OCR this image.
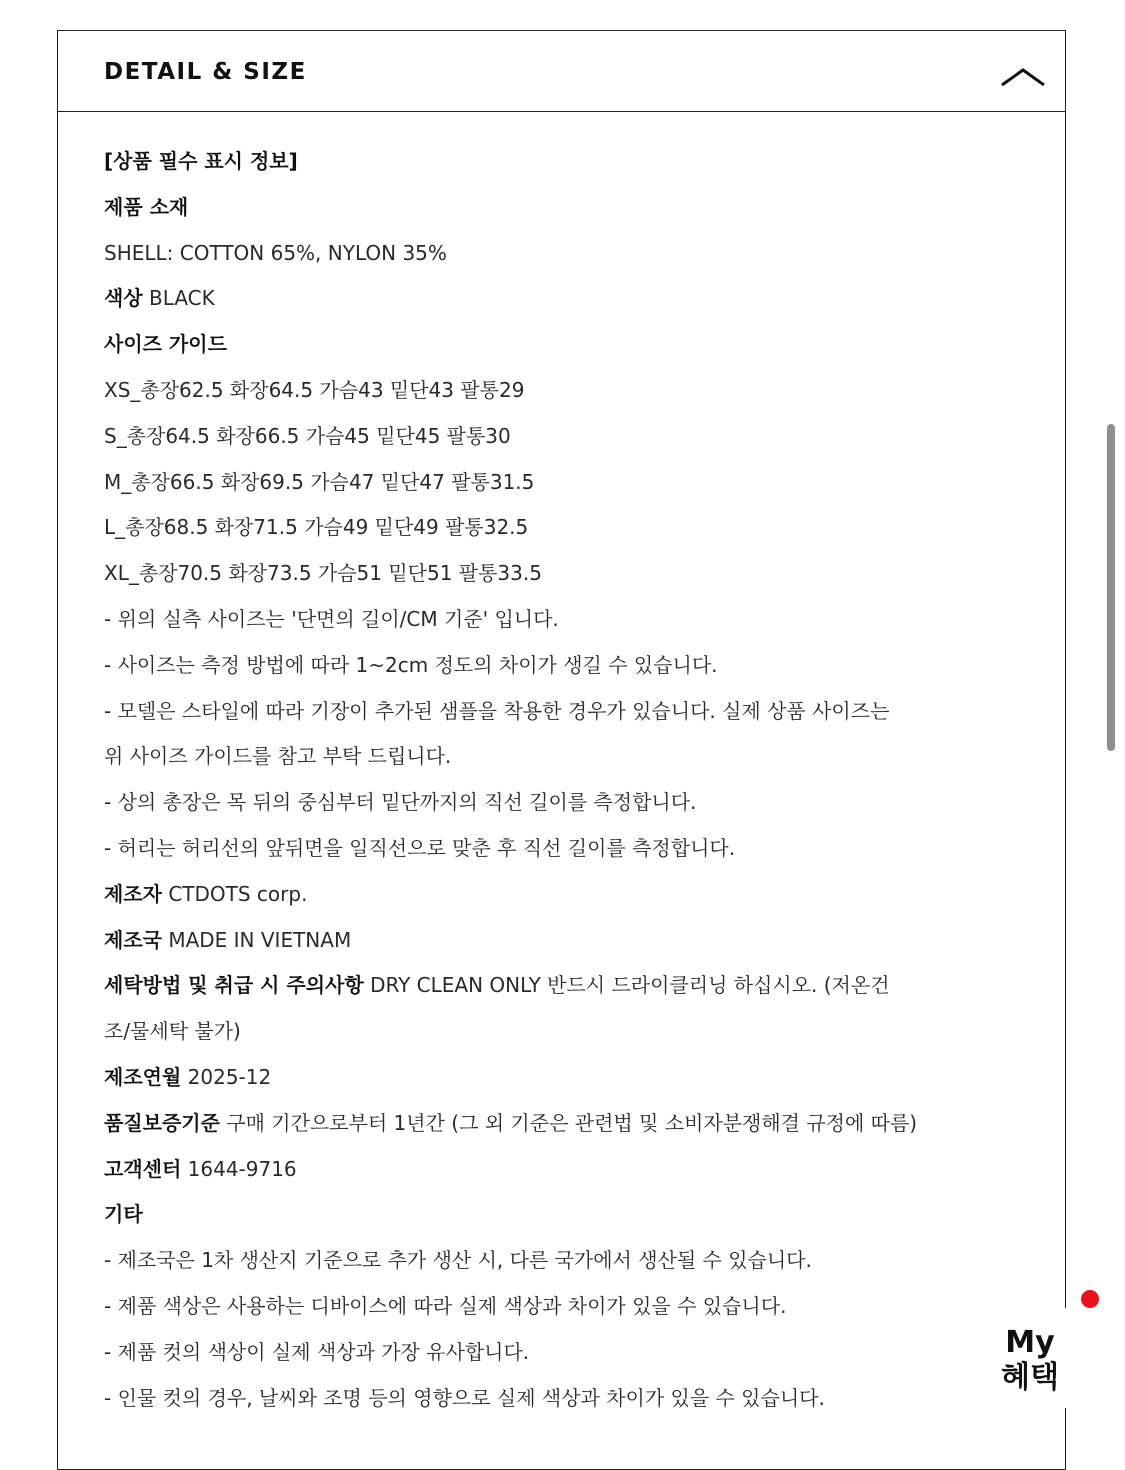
DETAIL & SIZE
[상품 필수 표시 정보]
제품 소재
SHELL: COTTON 65%, NYLON 35%
색상 BLACK
사이즈 가이드
XS_총장62.5 화장64.5 가슴43 밑단43 팔통29
S_총장64.5 화장66.5 가슴45 밑단45 팔통30
M_총장66.5 화장69.5 가슴47 밑단47 팔통31.5
L_총장68.5 화장71.5 가슴49 밑단49 팔통32.5
XL_총장70.5 화장73.5 가슴51 밑단51 팔통33.5
- 위의 실측 사이즈는 '단면의 길이/CM 기준' 입니다.
- 사이즈는 측정 방법에 따라 1~2cm 정도의 차이가 생길 수 있습니다.
- 모델은 스타일에 따라 기장이 추가된 샘플을 착용한 경우가 있습니다. 실제 상품 사이즈는
위 사이즈 가이드를 참고 부탁 드립니다.
- 상의 총장은 목 뒤의 중심부터 밑단까지의 직선 길이를 측정합니다.
- 허리는 허리선의 앞뒤면을 일직선으로 맞춘 후 직선 길이를 측정합니다.
제조자 CTDOTS corp.
제조국 MADE IN VIETNAM
세탁방법 및 취급 시 주의사항 DRY CLEAN ONLY 반드시 드라이클리닝 하십시오. (저온건
조/물세탁 불가)
제조연월 2025-12
품질보증기준 구매 기간으로부터 1년간 (그 외 기준은 관련법 및 소비자분쟁해결 규정에 따름)
고객센터 1644-9716
기타
- 제조국은 1차 생산지 기준으로 추가 생산 시, 다른 국가에서 생산될 수 있습니다.
- 제품 색상은 사용하는 디바이스에 따라 실제 색상과 차이가 있을 수 있습니다.
- 제품 컷의 색상이 실제 색상과 가장 유사합니다.
- 인물 컷의 경우, 날씨와 조명 등의 영향으로 실제 색상과 차이가 있을 수 있습니다.
My
혜택
